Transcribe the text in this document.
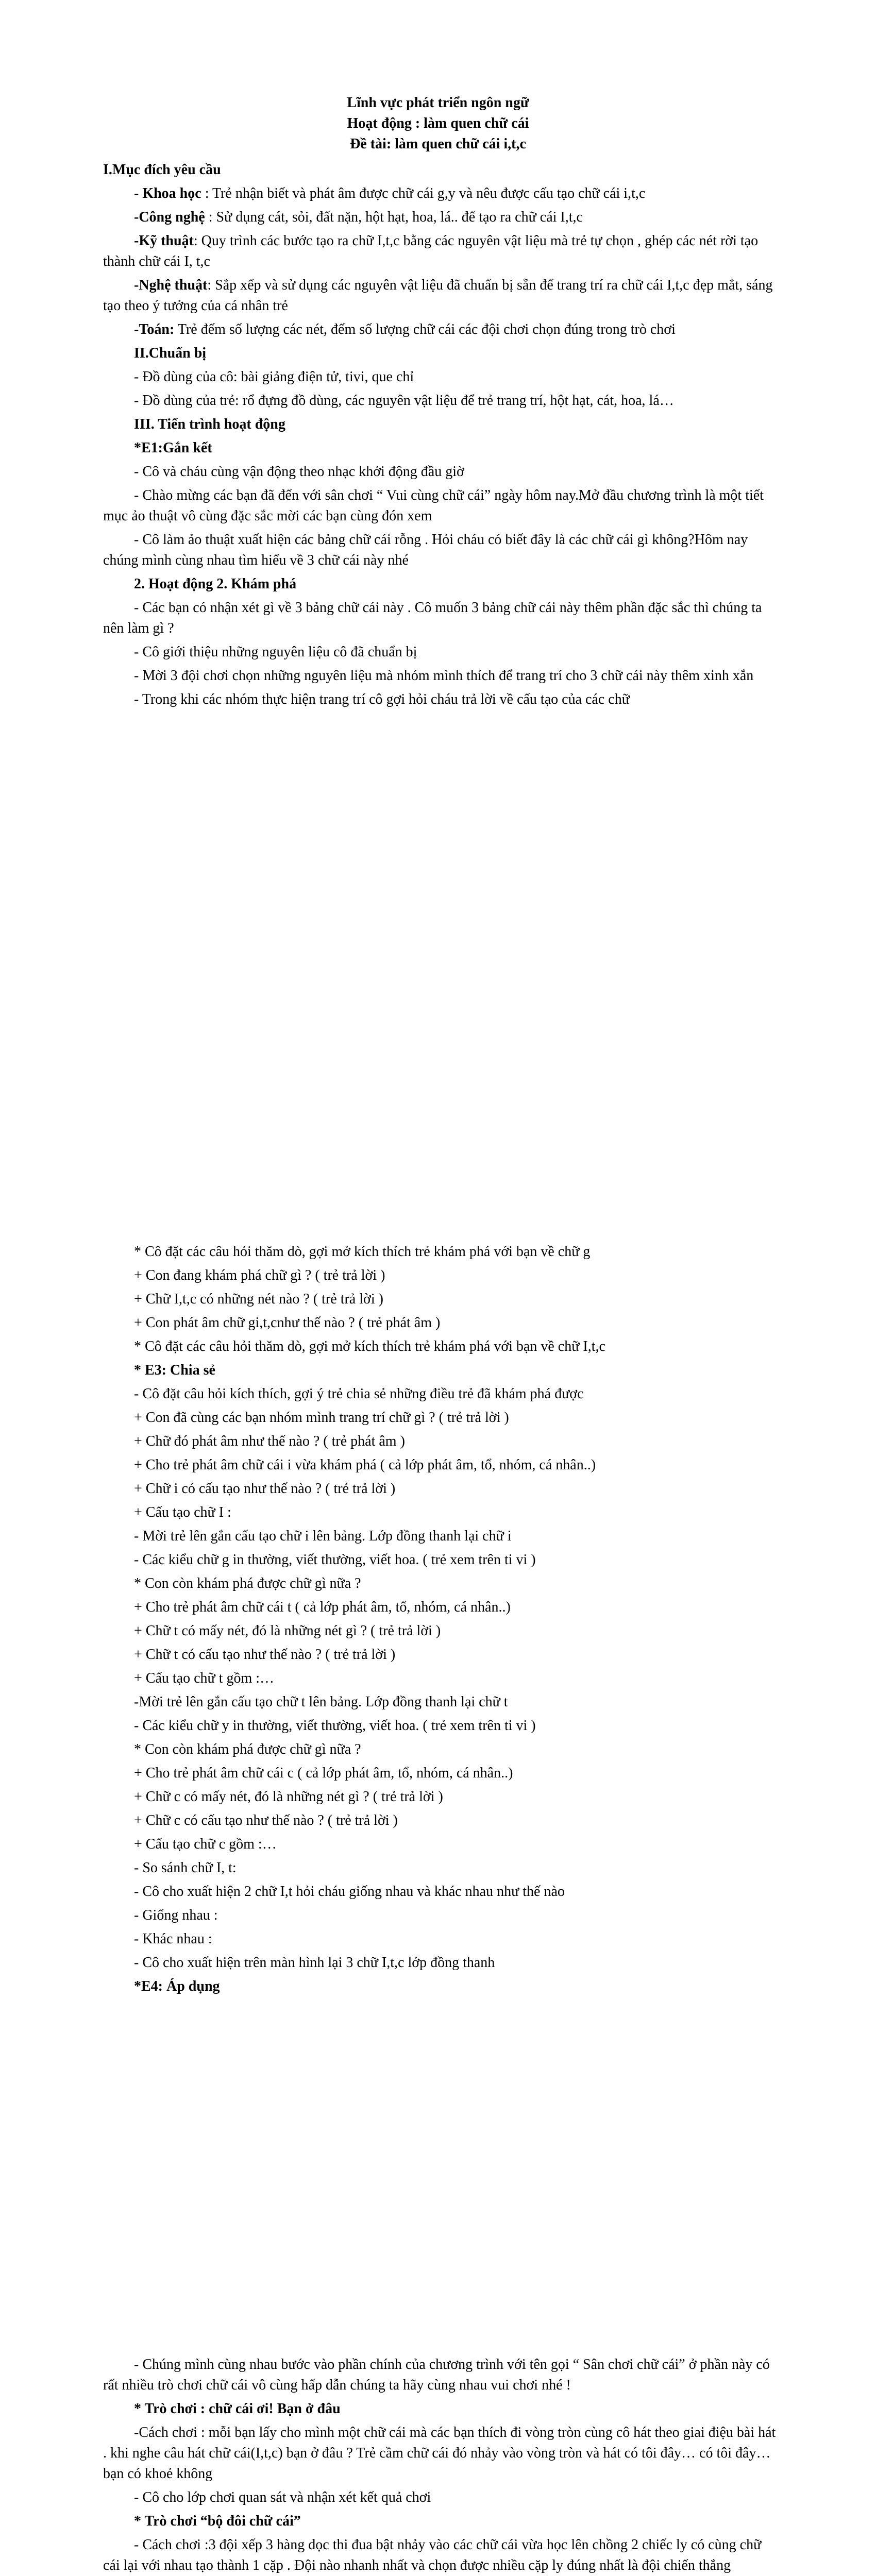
Lĩnh vực phát triển ngôn ngữ
Hoạt động : làm quen chữ cái
Đề tài: làm quen chữ cái i,t,c

I.Mục đích yêu cầu

- Khoa học : Trẻ nhận biết và phát âm được chữ cái g,y và nêu được cấu tạo chữ cái i,t,c

-Công nghệ : Sử dụng cát, sỏi, đất nặn, hột hạt, hoa, lá.. để tạo ra chữ cái I,t,c

-Kỹ thuật: Quy trình các bước tạo ra chữ I,t,c bằng các nguyên vật liệu mà trẻ tự chọn , ghép các nét rời tạo thành chữ cái I, t,c

-Nghệ thuật: Sắp xếp và sử dụng các nguyên vật liệu đã chuẩn bị sẵn để trang trí ra chữ cái I,t,c đẹp mắt, sáng tạo theo ý tưởng của cá nhân trẻ

-Toán: Trẻ đếm số lượng các nét, đếm số lượng chữ cái các đội chơi chọn đúng trong trò chơi

II.Chuẩn bị

- Đồ dùng của cô: bài giảng điện tử, tivi, que chỉ

- Đồ dùng của trẻ: rổ đựng đồ dùng, các nguyên vật liệu để trẻ trang trí, hột hạt, cát, hoa, lá…

III. Tiến trình hoạt động

*E1:Gắn kết

- Cô và cháu cùng vận động theo nhạc khởi động đầu giờ

- Chào mừng các bạn đã đến với sân chơi “ Vui cùng chữ cái” ngày hôm nay.Mở đầu chương trình là một tiết mục ảo thuật vô cùng đặc sắc mời các bạn cùng đón xem

- Cô làm ảo thuật xuất hiện các bảng chữ cái rỗng . Hỏi cháu có biết đây là các chữ cái gì không?Hôm nay chúng mình cùng nhau tìm hiểu về 3 chữ cái này nhé

2. Hoạt động 2. Khám phá

- Các bạn có nhận xét gì về 3 bảng chữ cái này . Cô muốn 3 bảng chữ cái này thêm phần đặc sắc thì chúng ta nên làm gì ?

- Cô giới thiệu những nguyên liệu cô đã chuẩn bị

- Mời 3 đội chơi chọn những nguyên liệu mà nhóm mình thích để trang trí cho 3 chữ cái này thêm xinh xắn

- Trong khi các nhóm thực hiện trang trí cô gợi hỏi cháu trả lời về cấu tạo của các chữ

* Cô đặt các câu hỏi thăm dò, gợi mở kích thích trẻ khám phá với bạn về chữ g

+ Con đang khám phá chữ gì ? ( trẻ trả lời )

+ Chữ I,t,c có những nét nào ? ( trẻ trả lời )

+ Con phát âm chữ gi,t,cnhư thế nào ? ( trẻ phát âm )

* Cô đặt các câu hỏi thăm dò, gợi mở kích thích trẻ khám phá với bạn về chữ I,t,c

* E3: Chia sẻ

- Cô đặt câu hỏi kích thích, gợi ý trẻ chia sẻ những điều trẻ đã khám phá được

+ Con đã cùng các bạn nhóm mình trang trí chữ gì ? ( trẻ trả lời )

+ Chữ đó phát âm như thế nào ? ( trẻ phát âm )

+ Cho trẻ phát âm chữ cái i vừa khám phá ( cả lớp phát âm, tổ, nhóm, cá nhân..)

+ Chữ i có cấu tạo như thế nào ? ( trẻ trả lời )

+ Cấu tạo chữ I :

- Mời trẻ lên gắn cấu tạo chữ i lên bảng. Lớp đồng thanh lại chữ i

- Các kiểu chữ g in thường, viết thường, viết hoa. ( trẻ xem trên ti vi )

* Con còn khám phá được chữ gì nữa ?

+ Cho trẻ phát âm chữ cái t ( cả lớp phát âm, tổ, nhóm, cá nhân..)

+ Chữ t có mấy nét, đó là những nét gì ? ( trẻ trả lời )

+ Chữ t có cấu tạo như thế nào ? ( trẻ trả lời )

+ Cấu tạo chữ t gồm :…

-Mời trẻ lên gắn cấu tạo chữ t lên bảng. Lớp đồng thanh lại chữ t

- Các kiểu chữ y in thường, viết thường, viết hoa. ( trẻ xem trên ti vi )

* Con còn khám phá được chữ gì nữa ?

+ Cho trẻ phát âm chữ cái c ( cả lớp phát âm, tổ, nhóm, cá nhân..)

+ Chữ c có mấy nét, đó là những nét gì ? ( trẻ trả lời )

+ Chữ c có cấu tạo như thế nào ? ( trẻ trả lời )

+ Cấu tạo chữ c gồm :…

- So sánh chữ I, t:

- Cô cho xuất hiện 2 chữ I,t hỏi cháu giống nhau và khác nhau như thế nào

- Giống nhau :

- Khác nhau :

- Cô cho xuất hiện trên màn hình lại 3 chữ I,t,c lớp đồng thanh

*E4: Áp dụng

- Chúng mình cùng nhau bước vào phần chính của chương trình với tên gọi “ Sân chơi chữ cái” ở phần này có rất nhiều trò chơi chữ cái vô cùng hấp dẫn chúng ta hãy cùng nhau vui chơi nhé !

* Trò chơi : chữ cái ơi! Bạn ở đâu

-Cách chơi : mỗi bạn lấy cho mình một chữ cái mà các bạn thích đi vòng tròn cùng cô hát theo giai điệu bài hát . khi nghe câu hát chữ cái(I,t,c) bạn ở đâu ? Trẻ cầm chữ cái đó nhảy vào vòng tròn và hát có tôi đây… có tôi đây… bạn có khoẻ không

- Cô cho lớp chơi quan sát và nhận xét kết quả chơi

* Trò chơi “bộ đôi chữ cái”

- Cách chơi :3 đội xếp 3 hàng dọc thi đua bật nhảy vào các chữ cái vừa học lên chồng 2 chiếc ly có cùng chữ cái lại với nhau tạo thành 1 cặp . Đội nào nhanh nhất và chọn được nhiều cặp ly đúng nhất là đội chiến thắng
